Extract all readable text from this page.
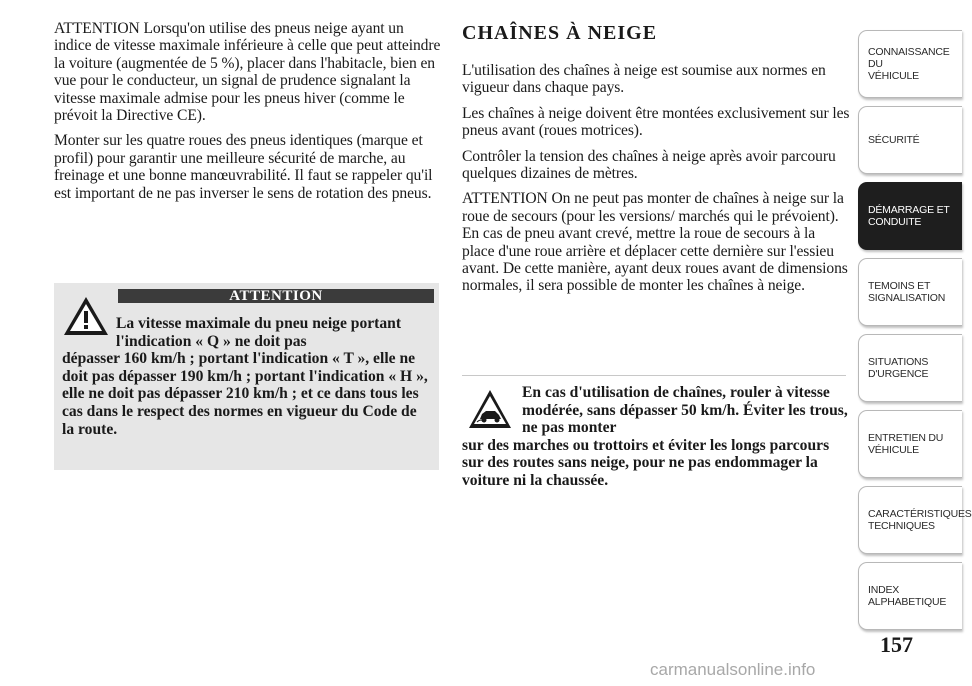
ATTENTION Lorsqu'on utilise des pneus neige ayant un indice de vitesse maximale inférieure à celle que peut atteindre la voiture (augmentée de 5 %), placer dans l'habitacle, bien en vue pour le conducteur, un signal de prudence signalant la vitesse maximale admise pour les pneus hiver (comme le prévoit la Directive CE).

Monter sur les quatre roues des pneus identiques (marque et profil) pour garantir une meilleure sécurité de marche, au freinage et une bonne manœuvrabilité. Il faut se rappeler qu'il est important de ne pas inverser le sens de rotation des pneus.

ATTENTION
La vitesse maximale du pneu neige portant l'indication « Q » ne doit pas
dépasser 160 km/h ; portant l'indication « T », elle ne doit pas dépasser 190 km/h ; portant l'indication « H », elle ne doit pas dépasser 210 km/h ; et ce dans tous les cas dans le respect des normes en vigueur du Code de la route.
CHAÎNES À NEIGE

L'utilisation des chaînes à neige est soumise aux normes en vigueur dans chaque pays.

Les chaînes à neige doivent être montées exclusivement sur les pneus avant (roues motrices).

Contrôler la tension des chaînes à neige après avoir parcouru quelques dizaines de mètres.

ATTENTION On ne peut pas monter de chaînes à neige sur la roue de secours (pour les versions/ marchés qui le prévoient). En cas de pneu avant crevé, mettre la roue de secours à la place d'une roue arrière et déplacer cette dernière sur l'essieu avant. De cette manière, ayant deux roues avant de dimensions normales, il sera possible de monter les chaînes à neige.

En cas d'utilisation de chaînes, rouler à vitesse modérée, sans dépasser 50 km/h. Éviter les trous, ne pas monter
sur des marches ou trottoirs et éviter les longs parcours sur des routes sans neige, pour ne pas endommager la voiture ni la chaussée.
CONNAISSANCE DU
VÉHICULE
SÉCURITÉ
DÉMARRAGE ET
CONDUITE
TEMOINS ET
SIGNALISATION
SITUATIONS
D'URGENCE
ENTRETIEN DU
VÉHICULE
CARACTÉRISTIQUES
TECHNIQUES
INDEX
ALPHABETIQUE
157
carmanualsonline.info
